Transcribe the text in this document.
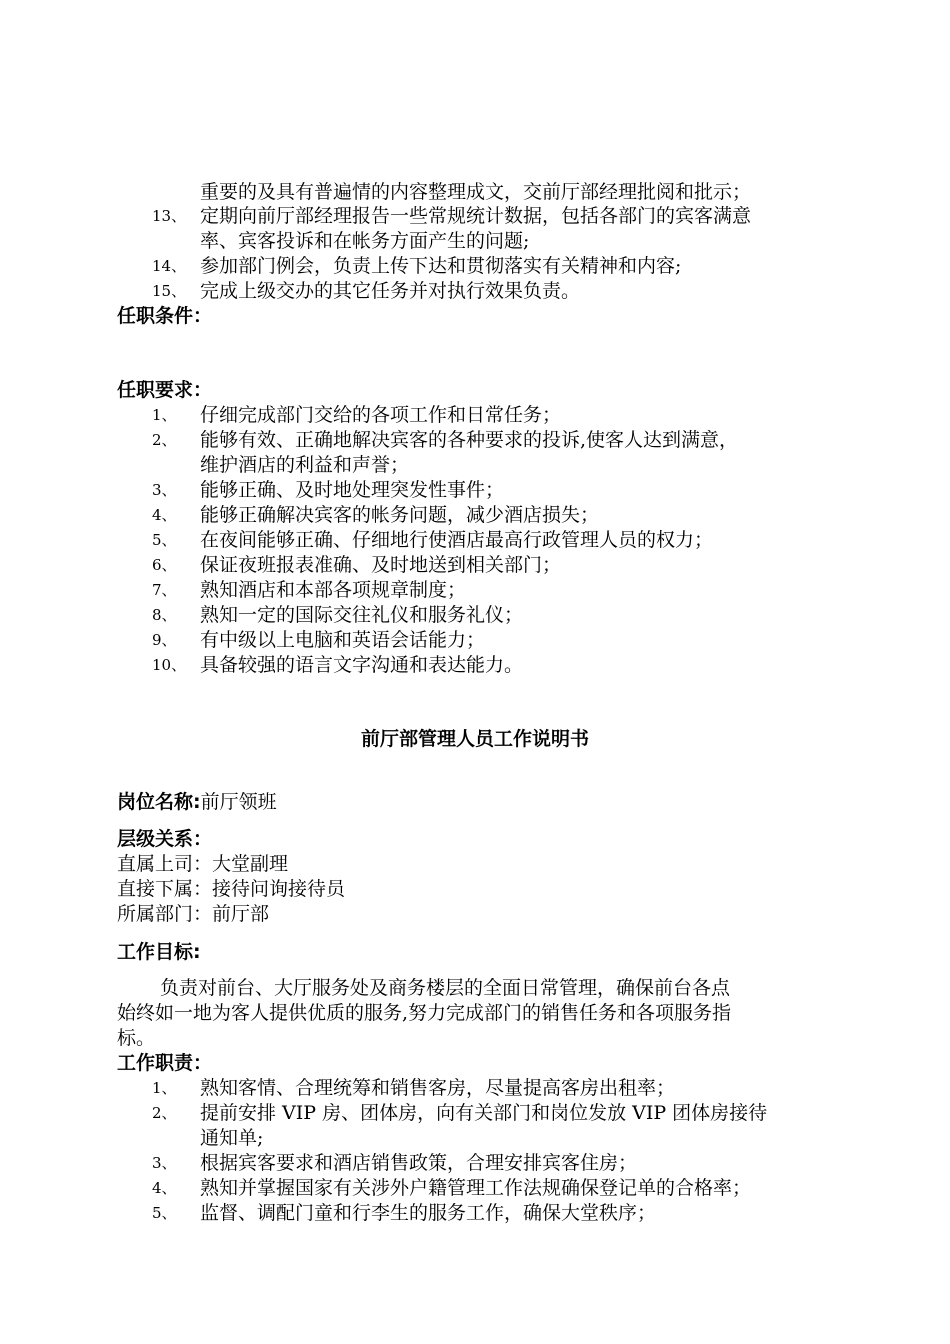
重要的及具有普遍情的内容整理成文，交前厅部经理批阅和批示；
13、 定期向前厅部经理报告一些常规统计数据，包括各部门的宾客满意
率、宾客投诉和在帐务方面产生的问题;
14、 参加部门例会，负责上传下达和贯彻落实有关精神和内容;
15、 完成上级交办的其它任务并对执行效果负责。
任职条件：
任职要求：
1、 仔细完成部门交给的各项工作和日常任务；
2、 能够有效、正确地解决宾客的各种要求的投诉,使客人达到满意，
维护酒店的利益和声誉；
3、 能够正确、及时地处理突发性事件；
4、 能够正确解决宾客的帐务问题，减少酒店损失；
5、 在夜间能够正确、仔细地行使酒店最高行政管理人员的权力；
6、 保证夜班报表准确、及时地送到相关部门；
7、 熟知酒店和本部各项规章制度；
8、 熟知一定的国际交往礼仪和服务礼仪；
9、 有中级以上电脑和英语会话能力；
10、 具备较强的语言文字沟通和表达能力。
前厅部管理人员工作说明书
岗位名称:前厅领班
层级关系：
直属上司：大堂副理
直接下属：接待问询接待员
所属部门：前厅部
工作目标:
负责对前台、大厅服务处及商务楼层的全面日常管理，确保前台各点
始终如一地为客人提供优质的服务,努力完成部门的销售任务和各项服务指
标。
工作职责：
1、 熟知客情、合理统筹和销售客房，尽量提高客房出租率；
2、 提前安排 VIP 房、团体房，向有关部门和岗位发放 VIP 团体房接待
通知单;
3、 根据宾客要求和酒店销售政策，合理安排宾客住房；
4、 熟知并掌握国家有关涉外户籍管理工作法规确保登记单的合格率；
5、 监督、调配门童和行李生的服务工作，确保大堂秩序；
